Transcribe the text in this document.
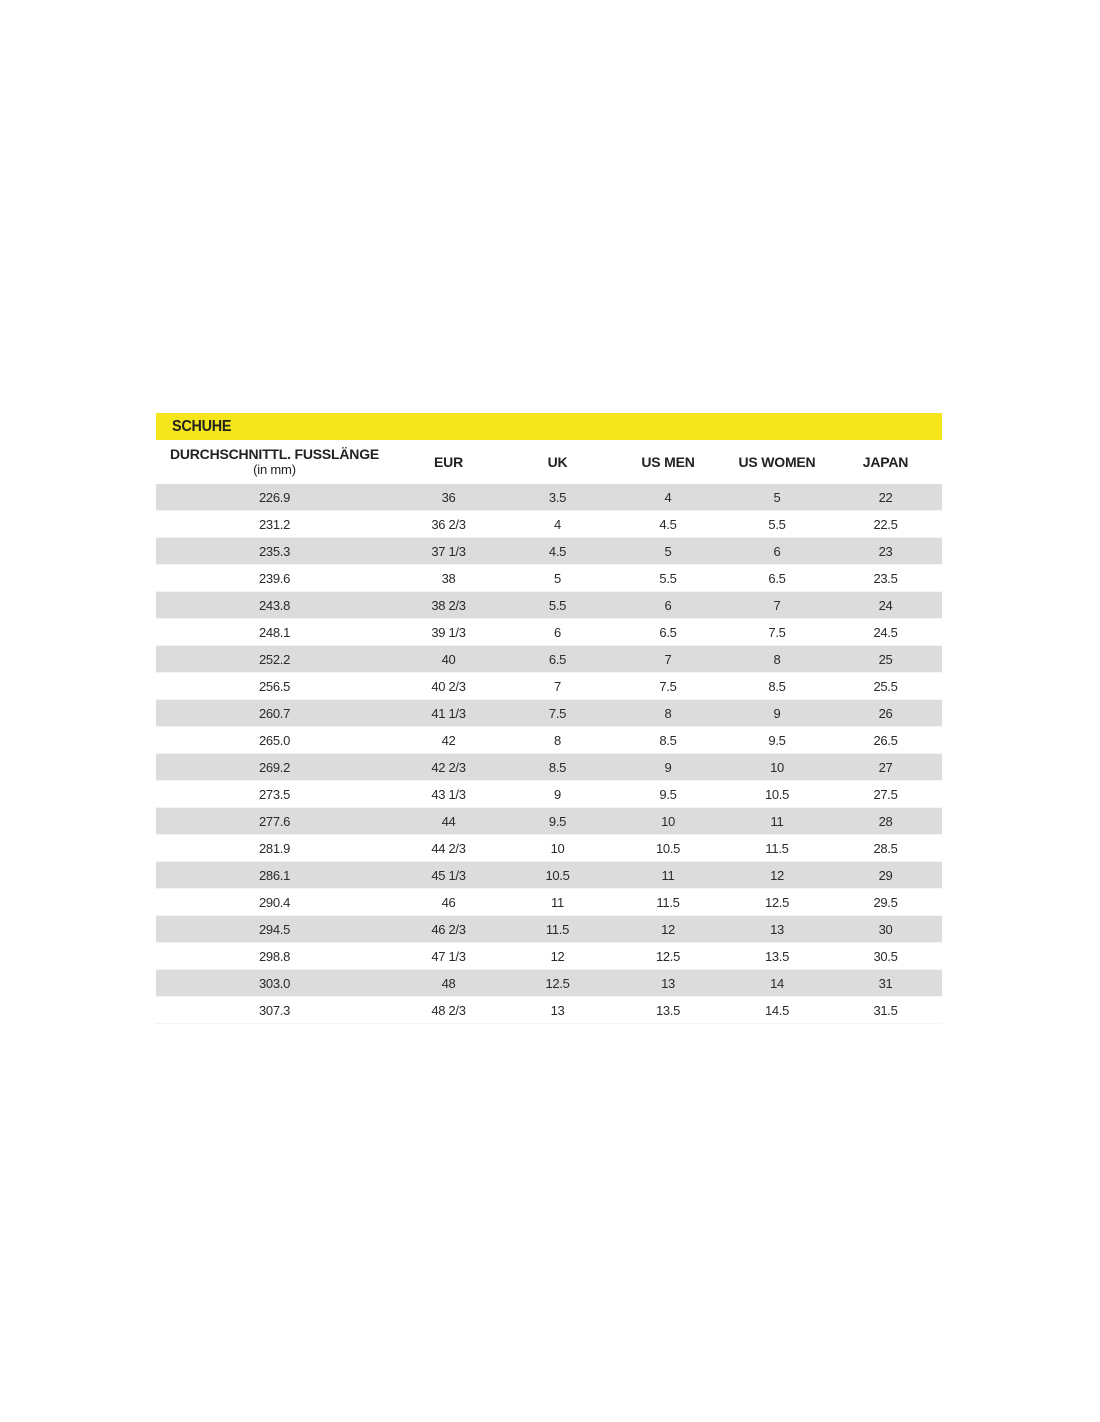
SCHUHE
DURCHSCHNITTL. FUSSLÄNGE
(in mm)	EUR	UK	US MEN	US WOMEN	JAPAN
226.9	36	3.5	4	5	22
231.2	36 2/3	4	4.5	5.5	22.5
235.3	37 1/3	4.5	5	6	23
239.6	38	5	5.5	6.5	23.5
243.8	38 2/3	5.5	6	7	24
248.1	39 1/3	6	6.5	7.5	24.5
252.2	40	6.5	7	8	25
256.5	40 2/3	7	7.5	8.5	25.5
260.7	41 1/3	7.5	8	9	26
265.0	42	8	8.5	9.5	26.5
269.2	42 2/3	8.5	9	10	27
273.5	43 1/3	9	9.5	10.5	27.5
277.6	44	9.5	10	11	28
281.9	44 2/3	10	10.5	11.5	28.5
286.1	45 1/3	10.5	11	12	29
290.4	46	11	11.5	12.5	29.5
294.5	46 2/3	11.5	12	13	30
298.8	47 1/3	12	12.5	13.5	30.5
303.0	48	12.5	13	14	31
307.3	48 2/3	13	13.5	14.5	31.5
